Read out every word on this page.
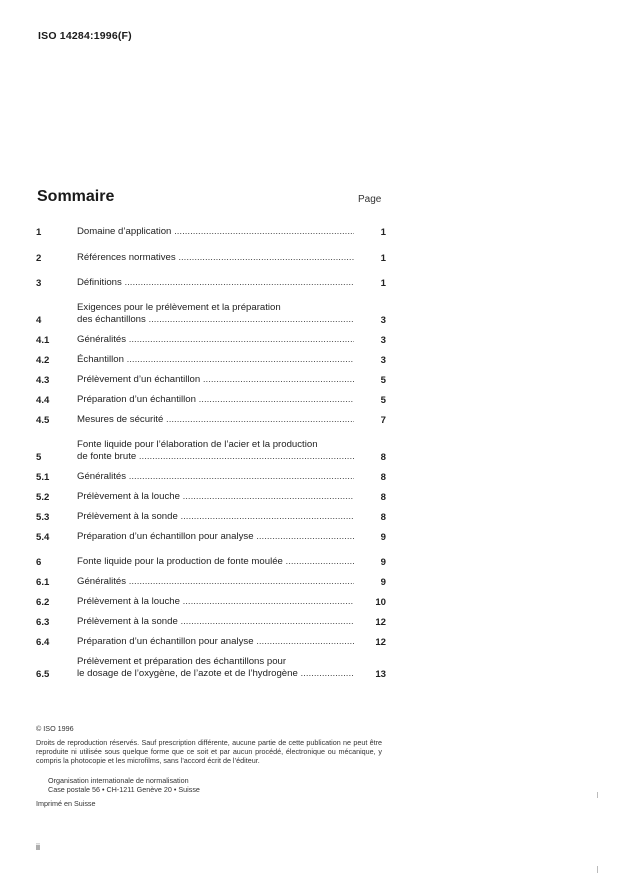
ISO 14284:1996(F)
Sommaire	Page
1	Domaine d’application .....	1
2	Références normatives .....	1
3	Définitions .....	1
4
Exigences pour le prélèvement et la préparation
des échantillons .....	3
4.1	Généralités .....	3
4.2	Échantillon .....	3
4.3	Prélèvement d’un échantillon .....	5
4.4	Préparation d’un échantillon .....	5
4.5	Mesures de sécurité .....	7
5
Fonte liquide pour l’élaboration de l’acier et la production
de fonte brute .....	8
5.1	Généralités .....	8
5.2	Prélèvement à la louche .....	8
5.3	Prélèvement à la sonde .....	8
5.4	Préparation d’un échantillon pour analyse .....	9
6	Fonte liquide pour la production de fonte moulée .....	9
6.1	Généralités .....	9
6.2	Prélèvement à la louche .....	10
6.3	Prélèvement à la sonde .....	12
6.4	Préparation d’un échantillon pour analyse .....	12
6.5
Prélèvement et préparation des échantillons pour
le dosage de l’oxygène, de l’azote et de l’hydrogène .....	13
© ISO 1996
Droits de reproduction réservés. Sauf prescription différente, aucune partie de cette publication ne peut être reproduite ni utilisée sous quelque forme que ce soit et par aucun procédé, électronique ou mécanique, y compris la photocopie et les microfilms, sans l’accord écrit de l’éditeur.
Organisation internationale de normalisation
Case postale 56 • CH-1211 Genève 20 • Suisse
Imprimé en Suisse
ii
